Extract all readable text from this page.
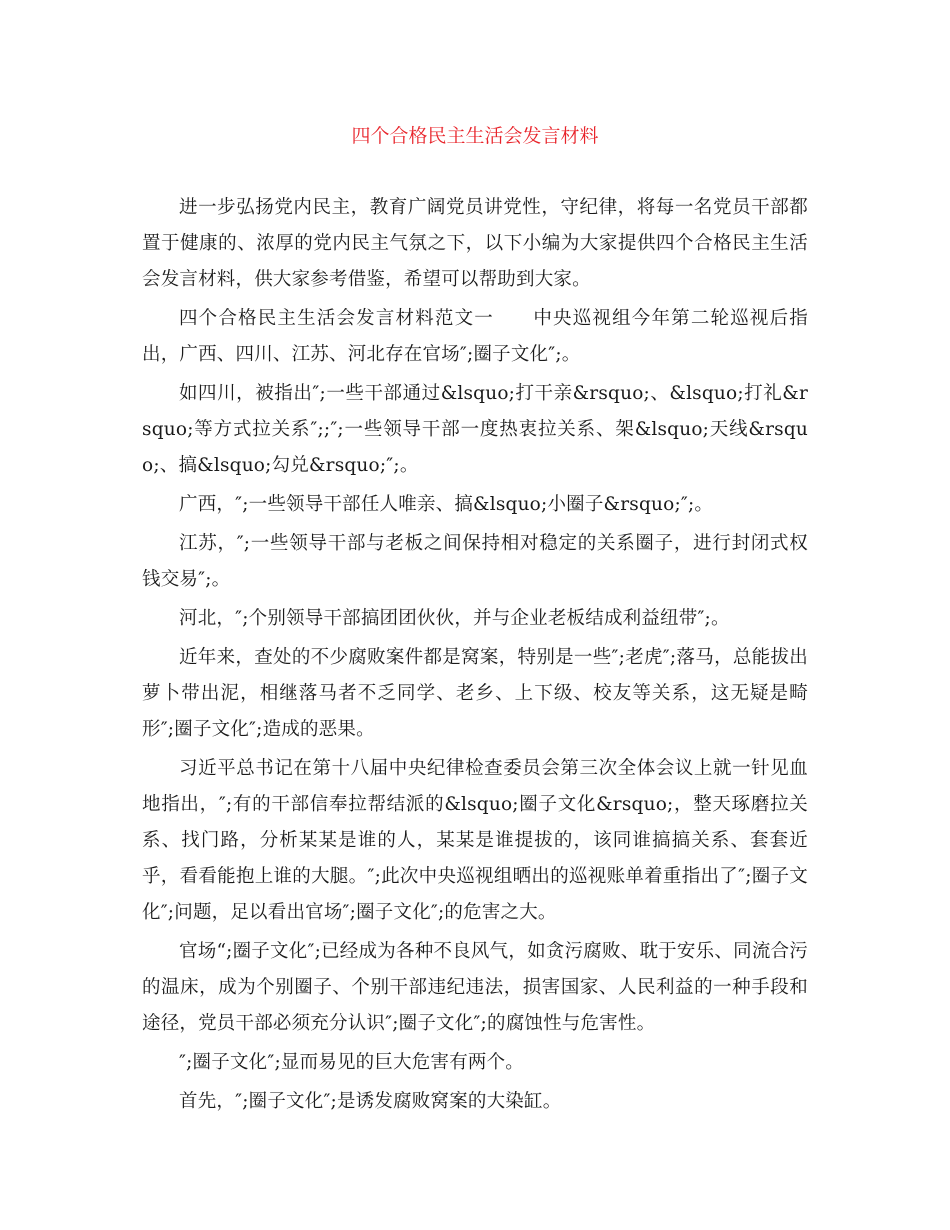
四个合格民主生活会发言材料

进一步弘扬党内民主，教育广阔党员讲党性，守纪律，将每一名党员干部都置于健康的、浓厚的党内民主气氛之下，以下小编为大家提供四个合格民主生活会发言材料，供大家参考借鉴，希望可以帮助到大家。

四个合格民主生活会发言材料范文一　　中央巡视组今年第二轮巡视后指出，广西、四川、江苏、河北存在官场″;圈子文化″;。

如四川，被指出″;一些干部通过&lsquo;打干亲&rsquo;、&lsquo;打礼&rsquo;等方式拉关系″;;″;一些领导干部一度热衷拉关系、架&lsquo;天线&rsquo;、搞&lsquo;勾兑&rsquo;″;。

广西，″;一些领导干部任人唯亲、搞&lsquo;小圈子&rsquo;″;。

江苏，″;一些领导干部与老板之间保持相对稳定的关系圈子，进行封闭式权钱交易″;。

河北，″;个别领导干部搞团团伙伙，并与企业老板结成利益纽带″;。

近年来，查处的不少腐败案件都是窝案，特别是一些″;老虎″;落马，总能拔出萝卜带出泥，相继落马者不乏同学、老乡、上下级、校友等关系，这无疑是畸形″;圈子文化″;造成的恶果。

习近平总书记在第十八届中央纪律检查委员会第三次全体会议上就一针见血地指出，″;有的干部信奉拉帮结派的&lsquo;圈子文化&rsquo;，整天琢磨拉关系、找门路，分析某某是谁的人，某某是谁提拔的，该同谁搞搞关系、套套近乎，看看能抱上谁的大腿。″;此次中央巡视组晒出的巡视账单着重指出了″;圈子文化″;问题，足以看出官场″;圈子文化″;的危害之大。

官场“;圈子文化″;已经成为各种不良风气，如贪污腐败、耽于安乐、同流合污的温床，成为个别圈子、个别干部违纪违法，损害国家、人民利益的一种手段和途径，党员干部必须充分认识″;圈子文化″;的腐蚀性与危害性。

″;圈子文化″;显而易见的巨大危害有两个。

首先，″;圈子文化″;是诱发腐败窝案的大染缸。
